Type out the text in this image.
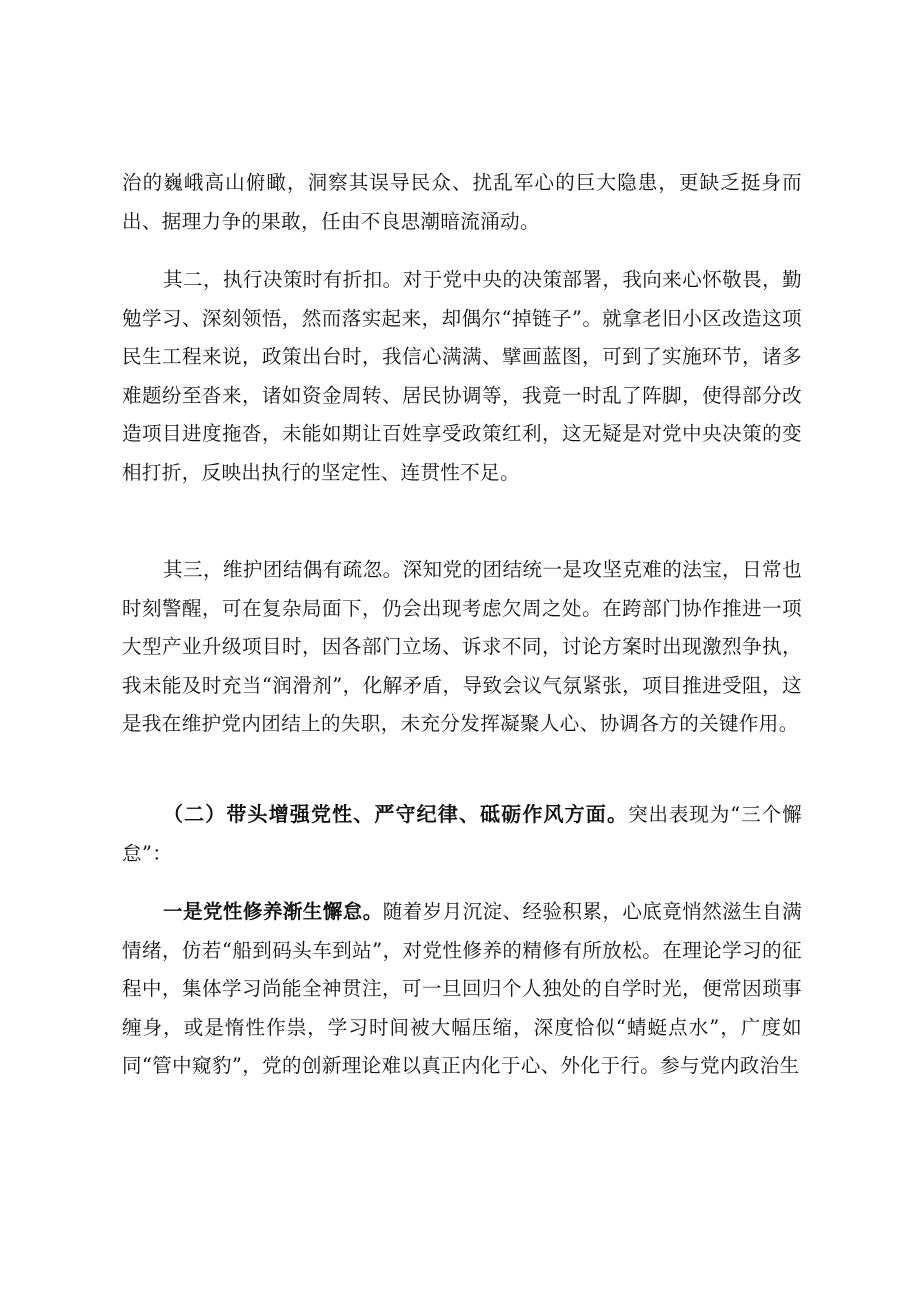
治的巍峨高山俯瞰，洞察其误导民众、扰乱军心的巨大隐患，更缺乏挺身而出、据理力争的果敢，任由不良思潮暗流涌动。

其二，执行决策时有折扣。对于党中央的决策部署，我向来心怀敬畏，勤勉学习、深刻领悟，然而落实起来，却偶尔“掉链子”。就拿老旧小区改造这项民生工程来说，政策出台时，我信心满满、擘画蓝图，可到了实施环节，诸多难题纷至沓来，诸如资金周转、居民协调等，我竟一时乱了阵脚，使得部分改造项目进度拖沓，未能如期让百姓享受政策红利，这无疑是对党中央决策的变相打折，反映出执行的坚定性、连贯性不足。

其三，维护团结偶有疏忽。深知党的团结统一是攻坚克难的法宝，日常也时刻警醒，可在复杂局面下，仍会出现考虑欠周之处。在跨部门协作推进一项大型产业升级项目时，因各部门立场、诉求不同，讨论方案时出现激烈争执，我未能及时充当“润滑剂”，化解矛盾，导致会议气氛紧张，项目推进受阻，这是我在维护党内团结上的失职，未充分发挥凝聚人心、协调各方的关键作用。

（二）带头增强党性、严守纪律、砥砺作风方面。突出表现为“三个懈怠”：

一是党性修养渐生懈怠。随着岁月沉淀、经验积累，心底竟悄然滋生自满情绪，仿若“船到码头车到站”，对党性修养的精修有所放松。在理论学习的征程中，集体学习尚能全神贯注，可一旦回归个人独处的自学时光，便常因琐事缠身，或是惰性作祟，学习时间被大幅压缩，深度恰似“蜻蜓点水”，广度如同“管中窥豹”，党的创新理论难以真正内化于心、外化于行。参与党内政治生
